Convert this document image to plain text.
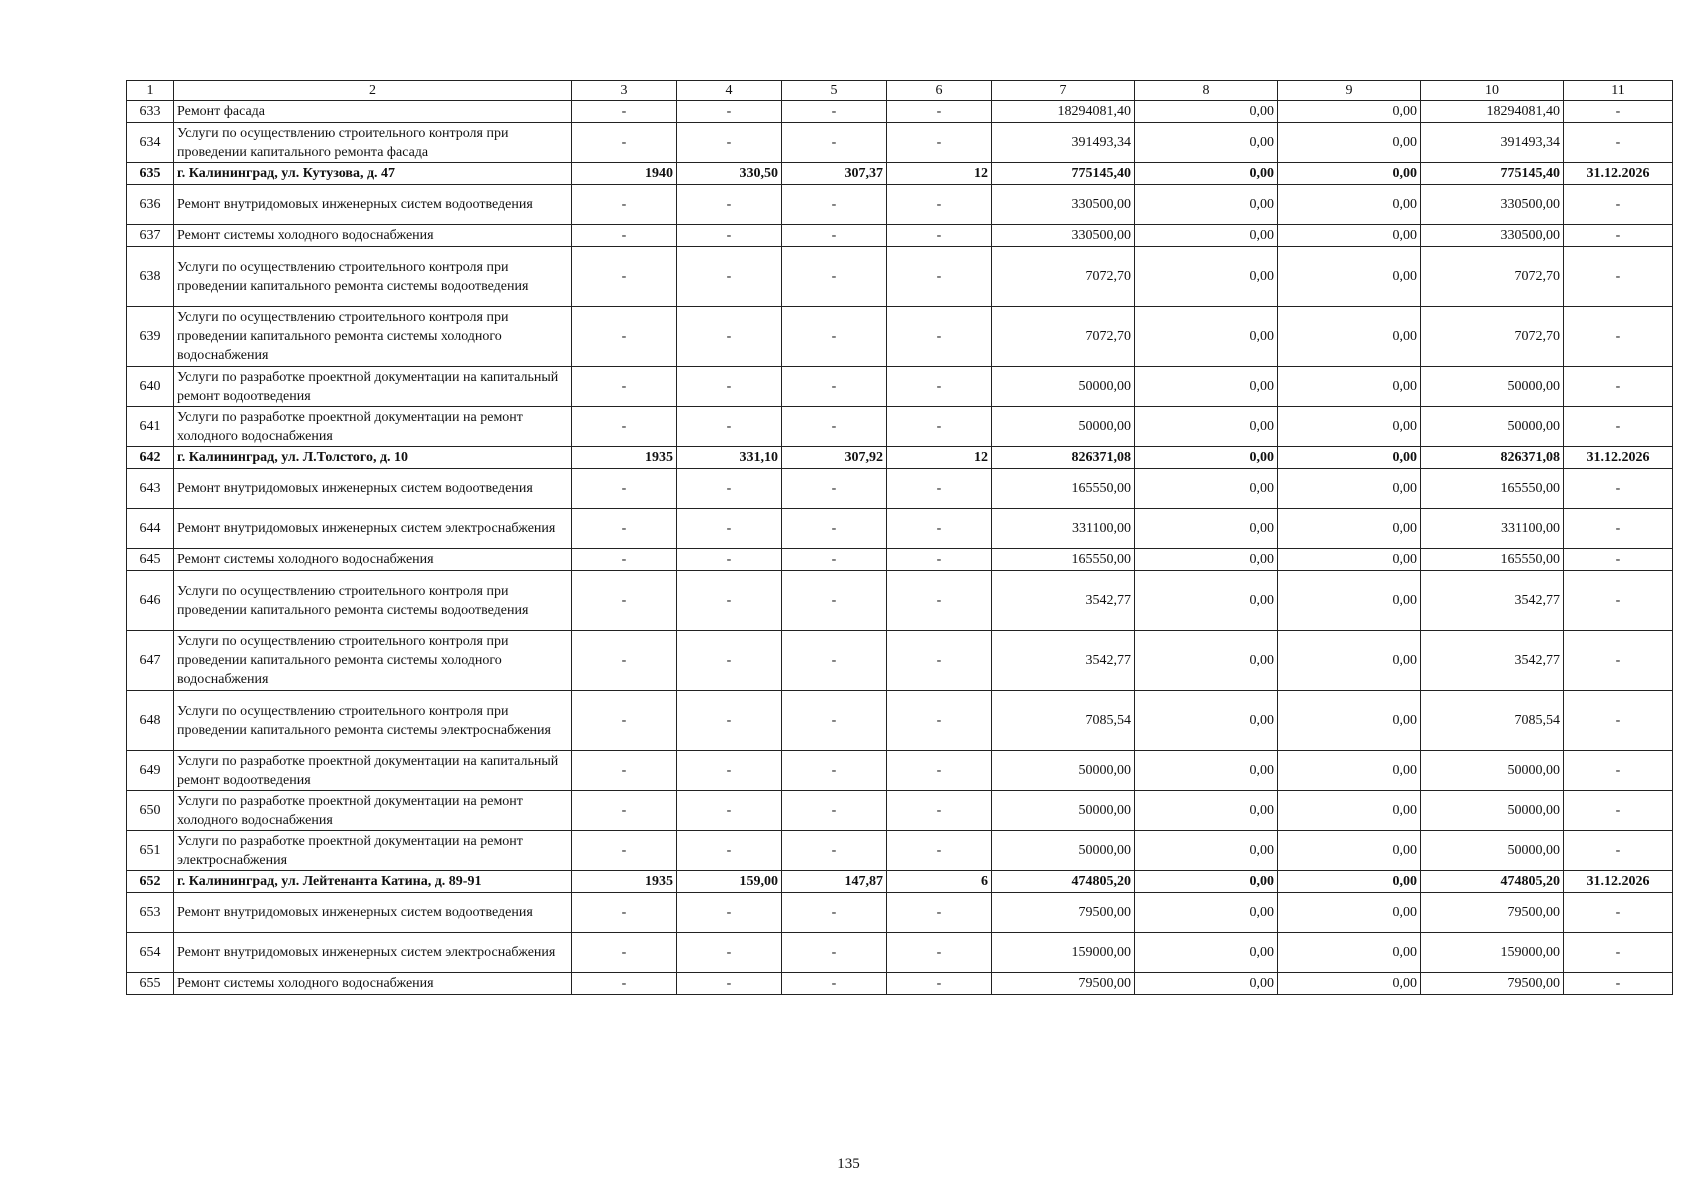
1	2	3	4	5	6	7	8	9	10	11
633	Ремонт фасада	-	-	-	-	18294081,40	0,00	0,00	18294081,40	-
634	Услуги по осуществлению строительного контроля при проведении капитального ремонта фасада	-	-	-	-	391493,34	0,00	0,00	391493,34	-
635	г. Калининград, ул. Кутузова, д. 47	1940	330,50	307,37	12	775145,40	0,00	0,00	775145,40	31.12.2026
636	Ремонт внутридомовых инженерных систем водоотведения	-	-	-	-	330500,00	0,00	0,00	330500,00	-
637	Ремонт системы холодного водоснабжения	-	-	-	-	330500,00	0,00	0,00	330500,00	-
638	Услуги по осуществлению строительного контроля при проведении капитального ремонта системы водоотведения	-	-	-	-	7072,70	0,00	0,00	7072,70	-
639	Услуги по осуществлению строительного контроля при проведении капитального ремонта системы холодного водоснабжения	-	-	-	-	7072,70	0,00	0,00	7072,70	-
640	Услуги по разработке проектной документации на капитальный ремонт водоотведения	-	-	-	-	50000,00	0,00	0,00	50000,00	-
641	Услуги по разработке проектной документации на ремонт холодного водоснабжения	-	-	-	-	50000,00	0,00	0,00	50000,00	-
642	г. Калининград, ул. Л.Толстого, д. 10	1935	331,10	307,92	12	826371,08	0,00	0,00	826371,08	31.12.2026
643	Ремонт внутридомовых инженерных систем водоотведения	-	-	-	-	165550,00	0,00	0,00	165550,00	-
644	Ремонт внутридомовых инженерных систем электроснабжения	-	-	-	-	331100,00	0,00	0,00	331100,00	-
645	Ремонт системы холодного водоснабжения	-	-	-	-	165550,00	0,00	0,00	165550,00	-
646	Услуги по осуществлению строительного контроля при проведении капитального ремонта системы водоотведения	-	-	-	-	3542,77	0,00	0,00	3542,77	-
647	Услуги по осуществлению строительного контроля при проведении капитального ремонта системы холодного водоснабжения	-	-	-	-	3542,77	0,00	0,00	3542,77	-
648	Услуги по осуществлению строительного контроля при проведении капитального ремонта системы электроснабжения	-	-	-	-	7085,54	0,00	0,00	7085,54	-
649	Услуги по разработке проектной документации на капитальный ремонт водоотведения	-	-	-	-	50000,00	0,00	0,00	50000,00	-
650	Услуги по разработке проектной документации на ремонт холодного водоснабжения	-	-	-	-	50000,00	0,00	0,00	50000,00	-
651	Услуги по разработке проектной документации на ремонт электроснабжения	-	-	-	-	50000,00	0,00	0,00	50000,00	-
652	г. Калининград, ул. Лейтенанта Катина, д. 89-91	1935	159,00	147,87	6	474805,20	0,00	0,00	474805,20	31.12.2026
653	Ремонт внутридомовых инженерных систем водоотведения	-	-	-	-	79500,00	0,00	0,00	79500,00	-
654	Ремонт внутридомовых инженерных систем электроснабжения	-	-	-	-	159000,00	0,00	0,00	159000,00	-
655	Ремонт системы холодного водоснабжения	-	-	-	-	79500,00	0,00	0,00	79500,00	-
135
